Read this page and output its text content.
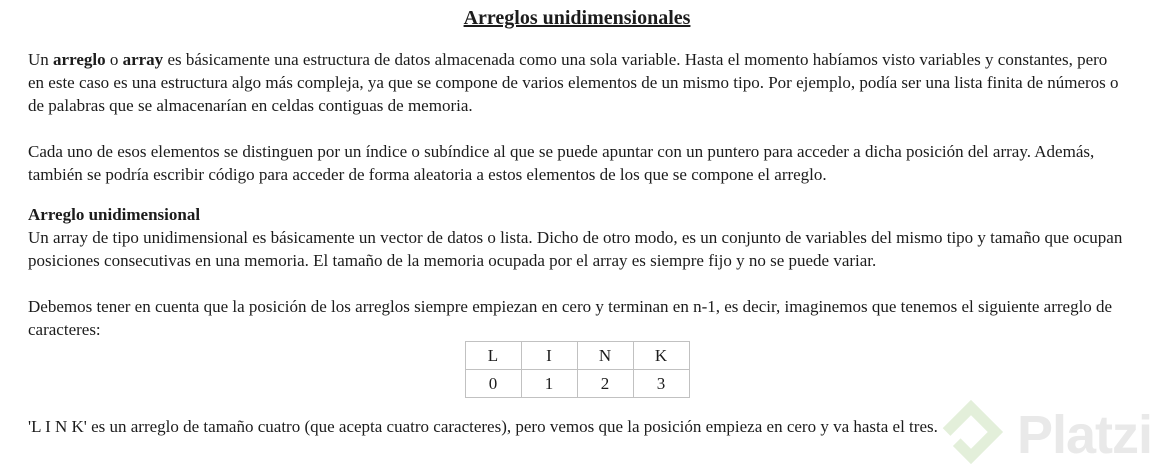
Platzi
Arreglos unidimensionales

Un arreglo o array es básicamente una estructura de datos almacenada como una sola variable. Hasta el momento habíamos visto variables y constantes, pero en este caso es una estructura algo más compleja, ya que se compone de varios elementos de un mismo tipo. Por ejemplo, podía ser una lista finita de números o de palabras que se almacenarían en celdas contiguas de memoria.

Cada uno de esos elementos se distinguen por un índice o subíndice al que se puede apuntar con un puntero para acceder a dicha posición del array. Además, también se podría escribir código para acceder de forma aleatoria a estos elementos de los que se compone el arreglo.

Arreglo unidimensional

Un array de tipo unidimensional es básicamente un vector de datos o lista. Dicho de otro modo, es un conjunto de variables del mismo tipo y tamaño que ocupan posiciones consecutivas en una memoria. El tamaño de la memoria ocupada por el array es siempre fijo y no se puede variar.

Debemos tener en cuenta que la posición de los arreglos siempre empiezan en cero y terminan en n-1, es decir, imaginemos que tenemos el siguiente arreglo de caracteres:

L	I	N	K
0	1	2	3

'L I N K' es un arreglo de tamaño cuatro (que acepta cuatro caracteres), pero vemos que la posición empieza en cero y va hasta el tres.
